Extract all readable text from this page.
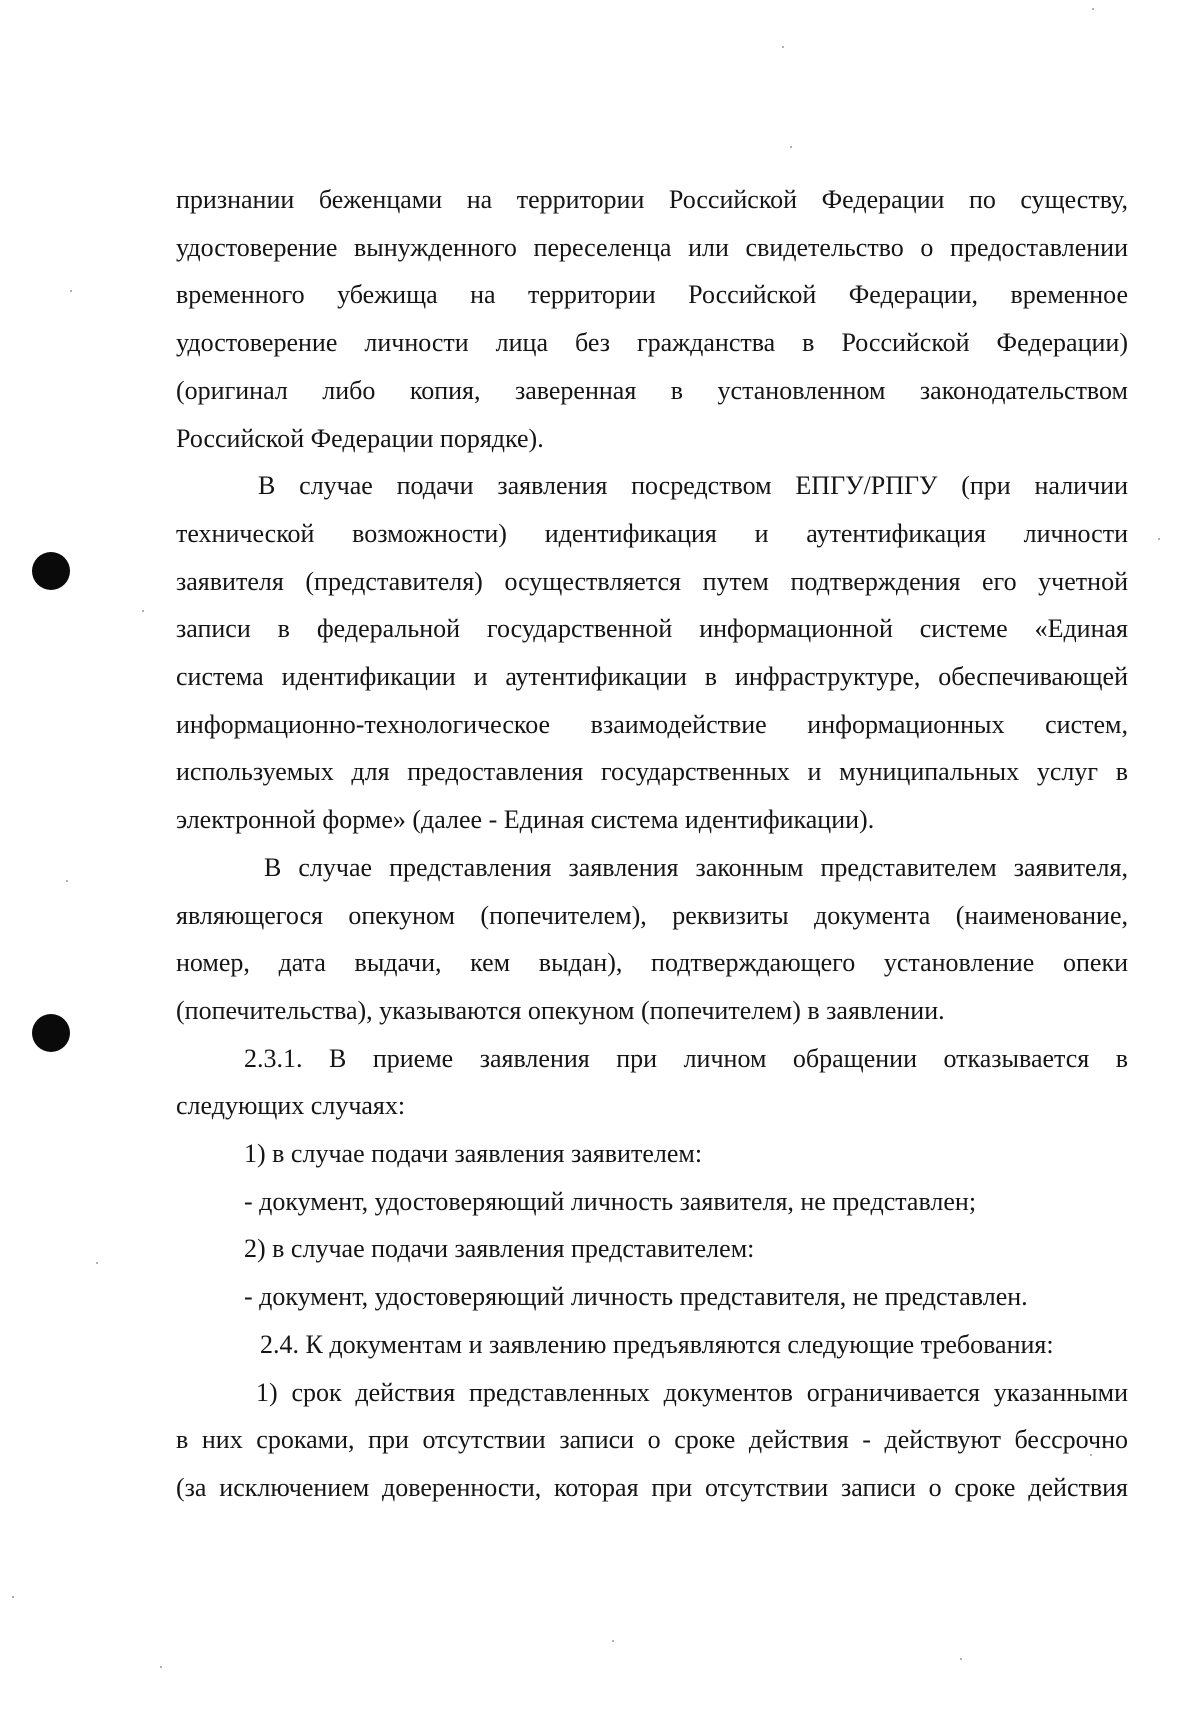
признании беженцами на территории Российской Федерации по существу,
удостоверение вынужденного переселенца или свидетельство о предоставлении
временного убежища на территории Российской Федерации, временное
удостоверение личности лица без гражданства в Российской Федерации)
(оригинал либо копия, заверенная в установленном законодательством
Российской Федерации порядке).
В случае подачи заявления посредством ЕПГУ/РПГУ (при наличии
технической возможности) идентификация и аутентификация личности
заявителя (представителя) осуществляется путем подтверждения его учетной
записи в федеральной государственной информационной системе «Единая
система идентификации и аутентификации в инфраструктуре, обеспечивающей
информационно-технологическое взаимодействие информационных систем,
используемых для предоставления государственных и муниципальных услуг в
электронной форме» (далее - Единая система идентификации).
В случае представления заявления законным представителем заявителя,
являющегося опекуном (попечителем), реквизиты документа (наименование,
номер, дата выдачи, кем выдан), подтверждающего установление опеки
(попечительства), указываются опекуном (попечителем) в заявлении.
2.3.1. В приеме заявления при личном обращении отказывается в
следующих случаях:
1) в случае подачи заявления заявителем:
- документ, удостоверяющий личность заявителя, не представлен;
2) в случае подачи заявления представителем:
- документ, удостоверяющий личность представителя, не представлен.
2.4. К документам и заявлению предъявляются следующие требования:
1) срок действия представленных документов ограничивается указанными
в них сроками, при отсутствии записи о сроке действия - действуют бессрочно
(за исключением доверенности, которая при отсутствии записи о сроке действия
